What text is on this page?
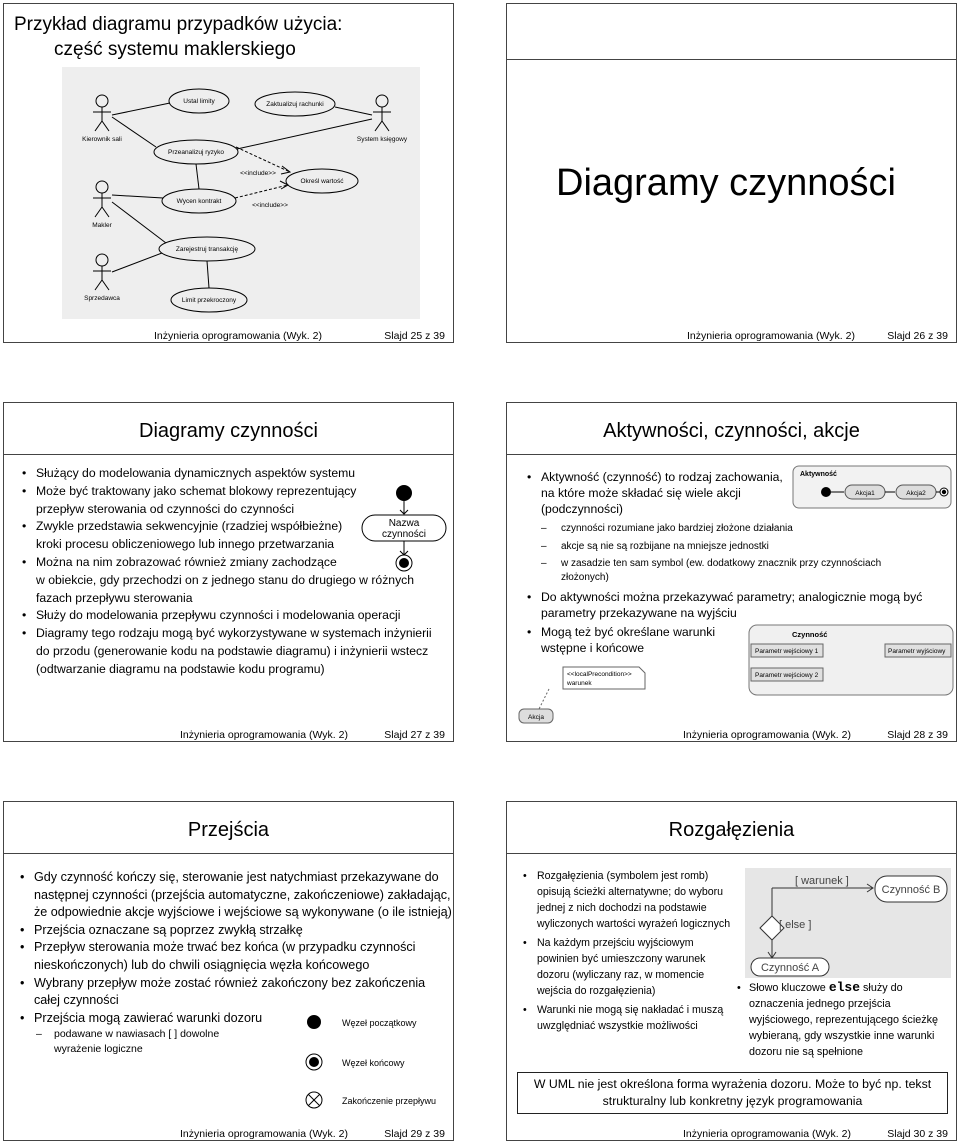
Przykład diagramu przypadków użycia:
część systemu maklerskiego
Kierownik sali
Makler
Sprzedawca
System księgowy
Ustal limity	Zaktualizuj rachunki
Przeanalizuj ryzyko
Określ wartość
Wycen kontrakt
Zarejestruj transakcję
Limit przekroczony
<<include>>
<<include>>
Inżynieria oprogramowania (Wyk. 2)	Slajd 25 z 39
Diagramy czynności
Inżynieria oprogramowania (Wyk. 2)	Slajd 26 z 39
Diagramy czynności
• Służący do modelowania dynamicznych aspektów systemu
• Może być traktowany jako schemat blokowy reprezentujący
przepływ sterowania od czynności do czynności
• Zwykle przedstawia sekwencyjnie (rzadziej współbieżne)
kroki procesu obliczeniowego lub innego przetwarzania
• Można na nim zobrazować również zmiany zachodzące
w obiekcie, gdy przechodzi on z jednego stanu do drugiego w różnych
fazach przepływu sterowania
• Służy do modelowania przepływu czynności i modelowania operacji
• Diagramy tego rodzaju mogą być wykorzystywane w systemach inżynierii
do przodu (generowanie kodu na podstawie diagramu) i inżynierii wstecz
(odtwarzanie diagramu na podstawie kodu programu)
Nazwa
czynności
Inżynieria oprogramowania (Wyk. 2)	Slajd 27 z 39
Aktywności, czynności, akcje
• Aktywność (czynność) to rodzaj zachowania,
na które może składać się wiele akcji
(podczynności)
– czynności rozumiane jako bardziej złożone działania
– akcje są nie są rozbijane na mniejsze jednostki
– w zasadzie ten sam symbol (ew. dodatkowy znacznik przy czynnościach
złożonych)
• Do aktywności można przekazywać parametry; analogicznie mogą być
parametry przekazywane na wyjściu
• Mogą też być określane warunki
wstępne i końcowe
Aktywność
Akcja1	Akcja2
Czynność
Parametr wejściowy 1
Parametr wejściowy 2
Parametr wyjściowy
<<localPrecondition>>
warunek
Akcja
Inżynieria oprogramowania (Wyk. 2)	Slajd 28 z 39
Przejścia
• Gdy czynność kończy się, sterowanie jest natychmiast przekazywane do
następnej czynności (przejścia automatyczne, zakończeniowe) zakładając,
że odpowiednie akcje wyjściowe i wejściowe są wykonywane (o ile istnieją)
• Przejścia oznaczane są poprzez zwykłą strzałkę
• Przepływ sterowania może trwać bez końca (w przypadku czynności
nieskończonych) lub do chwili osiągnięcia węzła końcowego
• Wybrany przepływ może zostać również zakończony bez zakończenia
całej czynności
• Przejścia mogą zawierać warunki dozoru
– podawane w nawiasach [ ] dowolne
wyrażenie logiczne
Węzeł początkowy
Węzeł końcowy
Zakończenie przepływu
Inżynieria oprogramowania (Wyk. 2)	Slajd 29 z 39
Rozgałęzienia
• Rozgałęzienia (symbolem jest romb)
opisują ścieżki alternatywne; do wyboru
jednej z nich dochodzi na podstawie
wyliczonych wartości wyrażeń logicznych
• Na każdym przejściu wyjściowym
powinien być umieszczony warunek
dozoru (wyliczany raz, w momencie
wejścia do rozgałęzienia)
• Warunki nie mogą się nakładać i muszą
uwzględniać wszystkie możliwości
[ warunek ]
[ else ]
Czynność B
Czynność A
• Słowo kluczowe else służy do
oznaczenia jednego przejścia
wyjściowego, reprezentującego ścieżkę
wybieraną, gdy wszystkie inne warunki
dozoru nie są spełnione
W UML nie jest określona forma wyrażenia dozoru. Może to być np. tekst
strukturalny lub konkretny język programowania
Inżynieria oprogramowania (Wyk. 2)	Slajd 30 z 39
